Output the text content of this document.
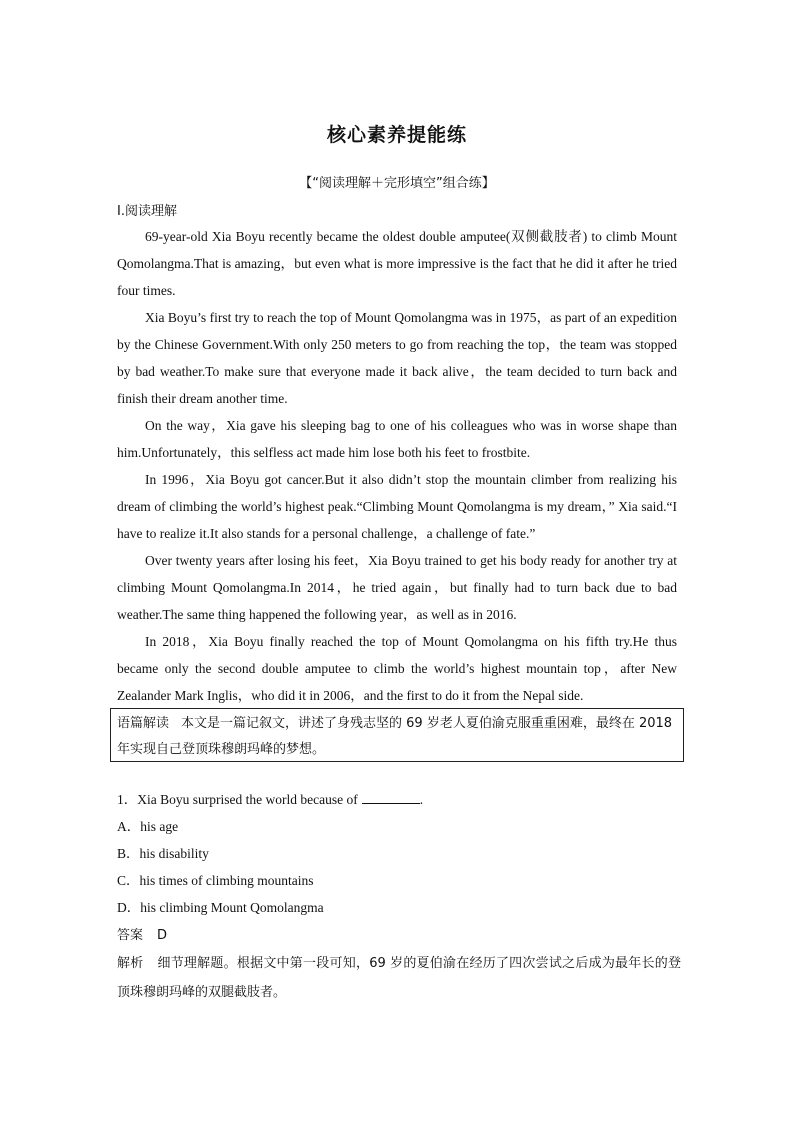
核心素养提能练
【“阅读理解＋完形填空”组合练】
Ⅰ.阅读理解

69-year-old Xia Boyu recently became the oldest double amputee(双侧截肢者) to climb Mount Qomolangma.That is amazing，but even what is more impressive is the fact that he did it after he tried four times.

Xia Boyu’s first try to reach the top of Mount Qomolangma was in 1975，as part of an expedition by the Chinese Government.With only 250 meters to go from reaching the top，the team was stopped by bad weather.To make sure that everyone made it back alive，the team decided to turn back and finish their dream another time.

On the way，Xia gave his sleeping bag to one of his colleagues who was in worse shape than him.Unfortunately，this selfless act made him lose both his feet to frostbite.

In 1996，Xia Boyu got cancer.But it also didn’t stop the mountain climber from realizing his dream of climbing the world’s highest peak.“Climbing Mount Qomolangma is my dream，” Xia said.“I have to realize it.It also stands for a personal challenge，a challenge of fate.”

Over twenty years after losing his feet，Xia Boyu trained to get his body ready for another try at climbing Mount Qomolangma.In 2014，he tried again，but finally had to turn back due to bad weather.The same thing happened the following year，as well as in 2016.

In 2018，Xia Boyu finally reached the top of Mount Qomolangma on his fifth try.He thus became only the second double amputee to climb the world’s highest mountain top，after New Zealander Mark Inglis，who did it in 2006，and the first to do it from the Nepal side.

语篇解读 本文是一篇记叙文，讲述了身残志坚的 69 岁老人夏伯渝克服重重困难，最终在 2018 年实现自己登顶珠穆朗玛峰的梦想。
1．Xia Boyu surprised the world because of	.
A．his age
B．his disability
C．his times of climbing mountains
D．his climbing Mount Qomolangma
答案 D
解析 细节理解题。根据文中第一段可知，69 岁的夏伯渝在经历了四次尝试之后成为最年长的登顶珠穆朗玛峰的双腿截肢者。
